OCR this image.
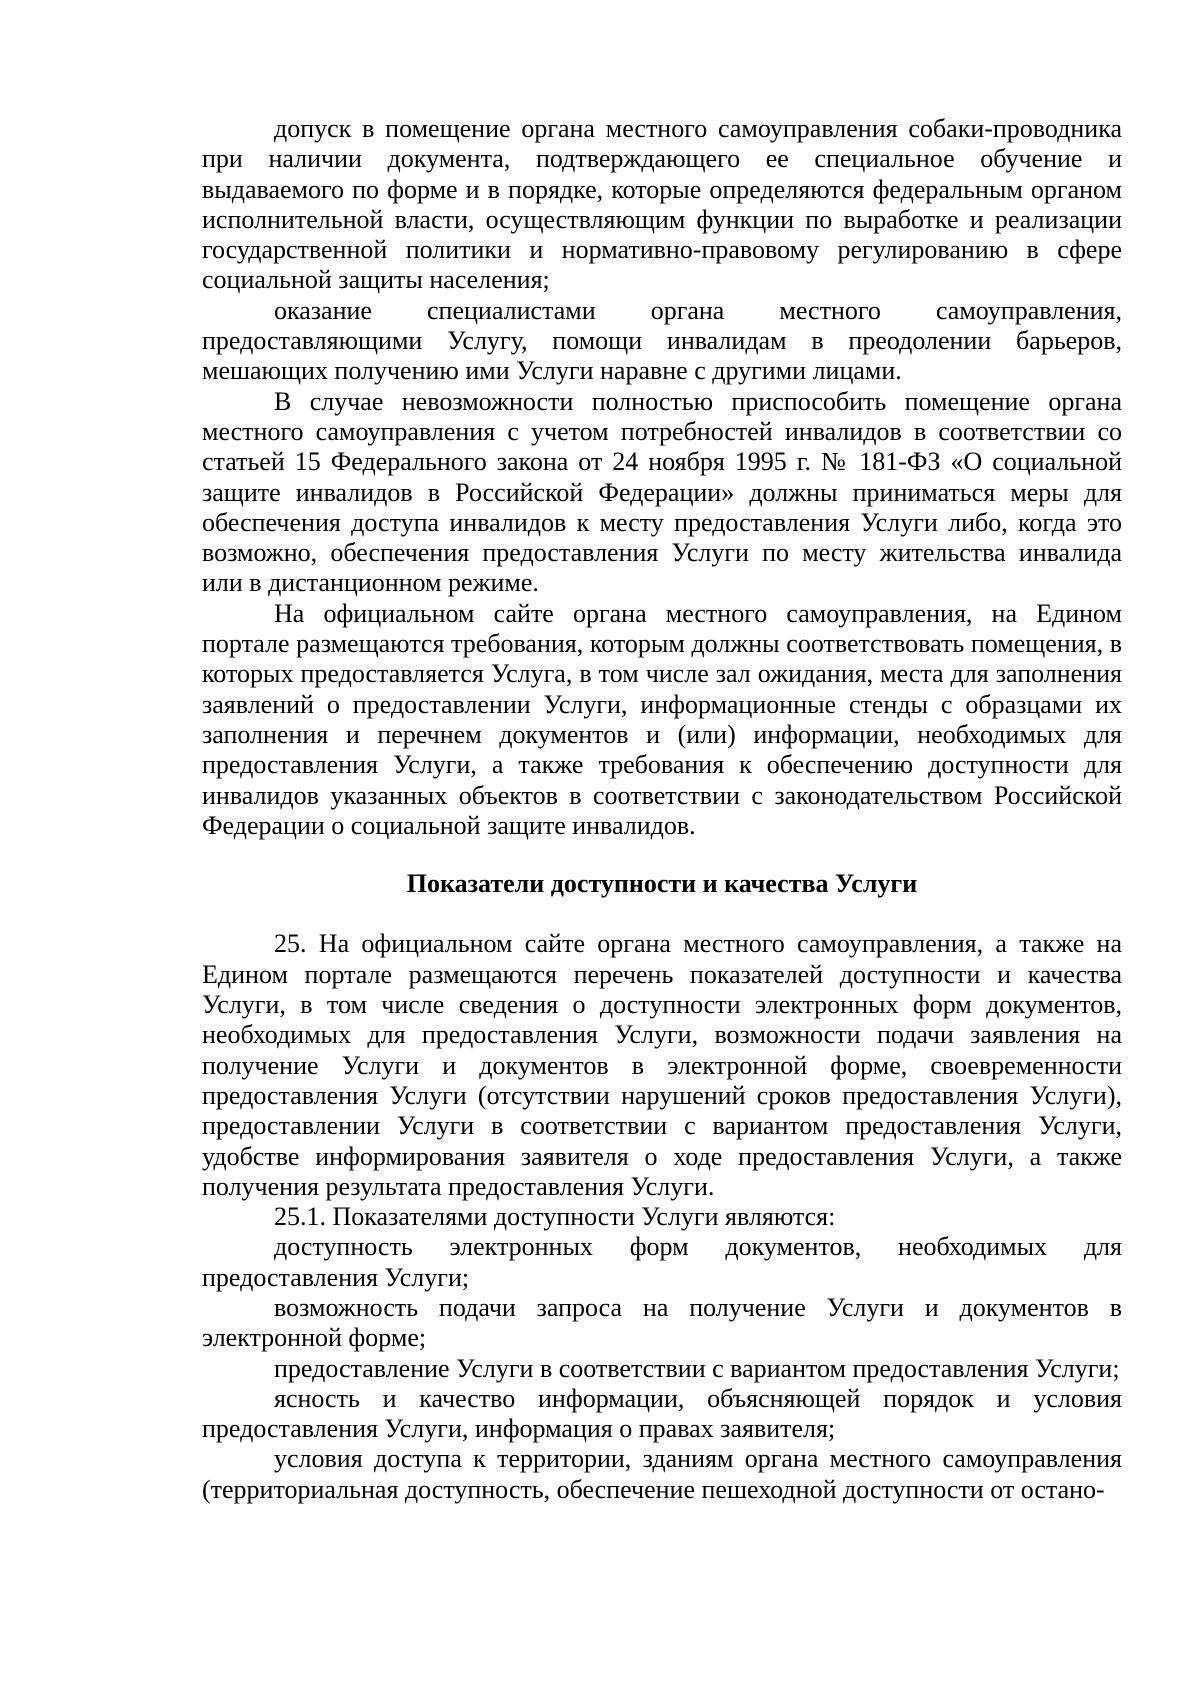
допуск в помещение органа местного самоуправления собаки-проводника при наличии документа, подтверждающего ее специальное обучение и выдаваемого по форме и в порядке, которые определяются федеральным органом исполнительной власти, осуществляющим функции по выработке и реализации государственной политики и нормативно-правовому регулированию в сфере социальной защиты населения;

оказание специалистами органа местного самоуправления, предоставляющими Услугу, помощи инвалидам в преодолении барьеров, мешающих получению ими Услуги наравне с другими лицами.

В случае невозможности полностью приспособить помещение органа местного самоуправления с учетом потребностей инвалидов в соответствии со статьей 15 Федерального закона от 24 ноября 1995 г. № 181-ФЗ «О социальной защите инвалидов в Российской Федерации» должны приниматься меры для обеспечения доступа инвалидов к месту предоставления Услуги либо, когда это возможно, обеспечения предоставления Услуги по месту жительства инвалида или в дистанционном режиме.

На официальном сайте органа местного самоуправления, на Едином портале размещаются требования, которым должны соответствовать помещения, в которых предоставляется Услуга, в том числе зал ожидания, места для заполнения заявлений о предоставлении Услуги, информационные стенды с образцами их заполнения и перечнем документов и (или) информации, необходимых для предоставления Услуги, а также требования к обеспечению доступности для инвалидов указанных объектов в соответствии с законодательством Российской Федерации о социальной защите инвалидов.

Показатели доступности и качества Услуги

25. На официальном сайте органа местного самоуправления, а также на Едином портале размещаются перечень показателей доступности и качества Услуги, в том числе сведения о доступности электронных форм документов, необходимых для предоставления Услуги, возможности подачи заявления на получение Услуги и документов в электронной форме, своевременности предоставления Услуги (отсутствии нарушений сроков предоставления Услуги), предоставлении Услуги в соответствии с вариантом предоставления Услуги, удобстве информирования заявителя о ходе предоставления Услуги, а также получения результата предоставления Услуги.

25.1. Показателями доступности Услуги являются:

доступность электронных форм документов, необходимых для предоставления Услуги;

возможность подачи запроса на получение Услуги и документов в электронной форме;

предоставление Услуги в соответствии с вариантом предоставления Услуги;

ясность и качество информации, объясняющей порядок и условия предоставления Услуги, информация о правах заявителя;

условия доступа к территории, зданиям органа местного самоуправления (территориальная доступность, обеспечение пешеходной доступности от остано-
